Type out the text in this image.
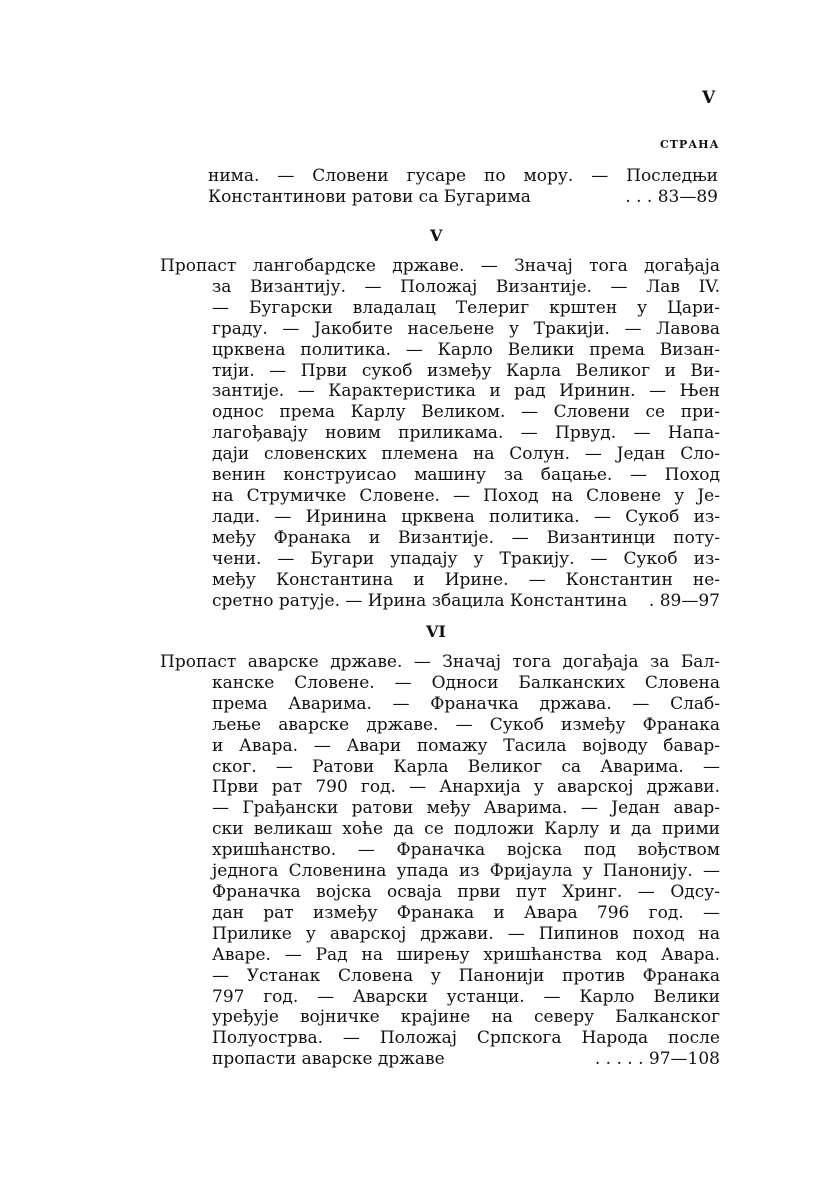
V
СТРАНА
нима. — Словени гусаре по мору. — Последњи
Константинови ратови са Бугарима	. . . 83—89
V
Пропаст лангобардске државе. — Значај тога догађаја
за Византију. — Положај Византије. — Лав IV.
— Бугарски владалац Телериг крштен у Цари-
граду. — Јакобите насељене у Тракији. — Лавова
црквена политика. — Карло Велики према Визан-
тији. — Први сукоб између Карла Великог и Ви-
зантије. — Карактеристика и рад Иринин. — Њен
однос према Карлу Великом. — Словени се при-
лагођавају новим приликама. — Првуд. — Напа-
даји словенских племена на Солун. — Један Сло-
венин конструисао машину за бацање. — Поход
на Струмичке Словене. — Поход на Словене у Је-
лади. — Иринина црквена политика. — Сукоб из-
међу Франака и Византије. — Византинци поту-
чени. — Бугари упадају у Тракију. — Сукоб из-
међу Константина и Ирине. — Константин не-
сретно ратује. — Ирина збацила Константина . 89—97
VI
Пропаст аварске државе. — Значај тога догађаја за Бал-
канске Словене. — Односи Балканских Словена
према Аварима. — Франачка држава. — Слаб-
љење аварске државе. — Сукоб између Франака
и Авара. — Авари помажу Тасила војводу бавар-
ског. — Ратови Карла Великог са Аварима. —
Први рат 790 год. — Анархија у аварској држави.
— Грађански ратови међу Аварима. — Један авар-
ски великаш хоће да се подложи Карлу и да прими
хришћанство. — Франачка војска под вођством
једнога Словенина упада из Фријаула у Панонију. —
Франачка војска осваја први пут Хринг. — Одсу-
дан рат између Франака и Авара 796 год. —
Прилике у аварској држави. — Пипинов поход на
Аваре. — Рад на ширењу хришћанства код Авара.
— Устанак Словена у Панонији против Франака
797 год. — Аварски устанци. — Карло Велики
уређује војничке крајине на северу Балканског
Полуострва. — Положај Српскога Народа после
пропасти аварске државе	. . . . . 97—108
